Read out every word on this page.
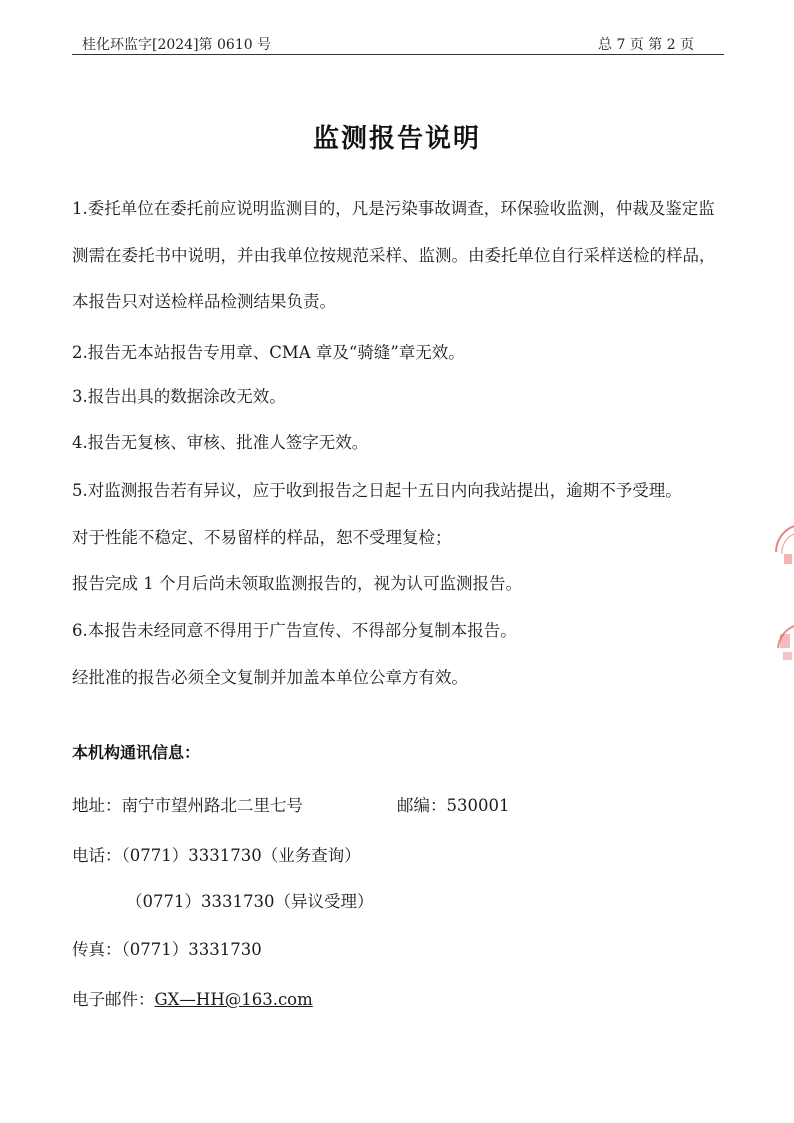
桂化环监字[2024]第 0610 号	总 7 页 第 2 页
监测报告说明
1.委托单位在委托前应说明监测目的，凡是污染事故调查，环保验收监测，仲裁及鉴定监测需在委托书中说明，并由我单位按规范采样、监测。由委托单位自行采样送检的样品，本报告只对送检样品检测结果负责。
2.报告无本站报告专用章、CMA 章及“骑缝”章无效。
3.报告出具的数据涂改无效。
4.报告无复核、审核、批准人签字无效。
5.对监测报告若有异议，应于收到报告之日起十五日内向我站提出，逾期不予受理。对于性能不稳定、不易留样的样品，恕不受理复检；报告完成 1 个月后尚未领取监测报告的，视为认可监测报告。
6.本报告未经同意不得用于广告宣传、不得部分复制本报告。经批准的报告必须全文复制并加盖本单位公章方有效。
本机构通讯信息：
地址：南宁市望州路北二里七号	邮编：530001
电话：（0771）3331730（业务查询）
（0771）3331730（异议受理）
传真：（0771）3331730
电子邮件：GX—HH@163.com
